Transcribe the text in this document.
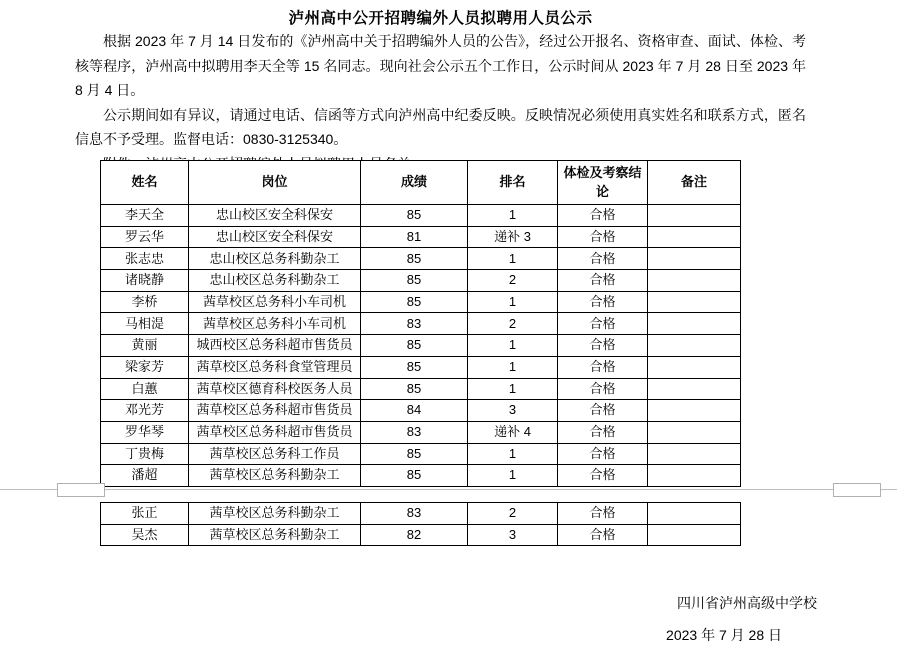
泸州高中公开招聘编外人员拟聘用人员公示

根据 2023 年 7 月 14 日发布的《泸州高中关于招聘编外人员的公告》，经过公开报名、资格审查、面试、体检、考核等程序，泸州高中拟聘用李天全等 15 名同志。现向社会公示五个工作日，公示时间从 2023 年 7 月 28 日至 2023 年 8 月 4 日。

公示期间如有异议，请通过电话、信函等方式向泸州高中纪委反映。反映情况必须使用真实姓名和联系方式，匿名信息不予受理。监督电话：0830-3125340。

姓名	岗位	成绩	排名	体检及考察结论	备注
李天全	忠山校区安全科保安	85	1	合格	
罗云华	忠山校区安全科保安	81	递补 3	合格	
张志忠	忠山校区总务科勤杂工	85	1	合格	
诸晓静	忠山校区总务科勤杂工	85	2	合格	
李桥	茜草校区总务科小车司机	85	1	合格	
马相湜	茜草校区总务科小车司机	83	2	合格	
黄丽	城西校区总务科超市售货员	85	1	合格	
梁家芳	茜草校区总务科食堂管理员	85	1	合格	
白蕙	茜草校区德育科校医务人员	85	1	合格	
邓光芳	茜草校区总务科超市售货员	84	3	合格	
罗华琴	茜草校区总务科超市售货员	83	递补 4	合格	
丁贵梅	茜草校区总务科工作员	85	1	合格	
潘超	茜草校区总务科勤杂工	85	1	合格	
张正	茜草校区总务科勤杂工	83	2	合格	
吴杰	茜草校区总务科勤杂工	82	3	合格	
四川省泸州高级中学校
2023 年 7 月 28 日
